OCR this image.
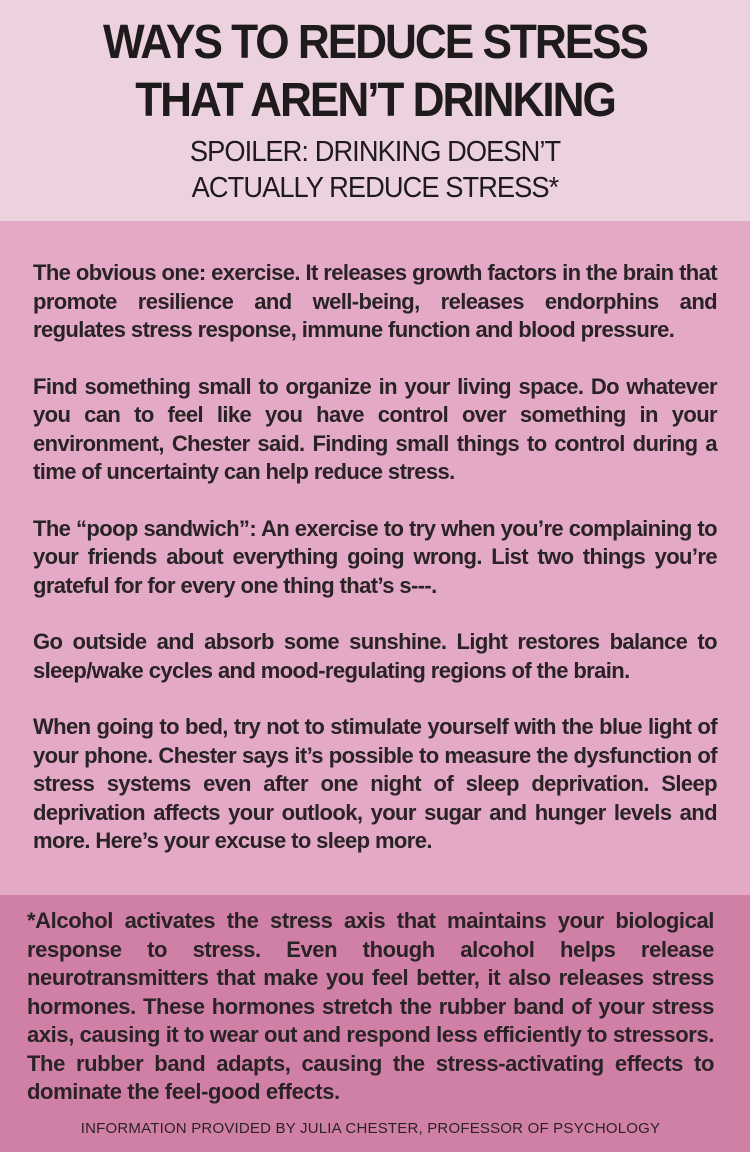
WAYS TO REDUCE STRESS
THAT AREN’T DRINKING

SPOILER: DRINKING DOESN’T
ACTUALLY REDUCE STRESS*

The obvious one: exercise. It releases growth factors in the brain that promote resilience and well-being, releases endorphins and regulates stress response, immune function and blood pressure.

Find something small to organize in your living space. Do whatever you can to feel like you have control over something in your environment, Chester said. Finding small things to control during a time of uncertainty can help reduce stress.

The “poop sandwich”: An exercise to try when you’re complaining to your friends about everything going wrong. List two things you’re grateful for for every one thing that’s s---.

Go outside and absorb some sunshine. Light restores balance to sleep/wake cycles and mood-regulating regions of the brain.

When going to bed, try not to stimulate yourself with the blue light of your phone. Chester says it’s possible to measure the dysfunction of stress systems even after one night of sleep deprivation. Sleep deprivation affects your outlook, your sugar and hunger levels and more. Here’s your excuse to sleep more.

*Alcohol activates the stress axis that maintains your biological response to stress. Even though alcohol helps release neurotransmitters that make you feel better, it also releases stress hormones. These hormones stretch the rubber band of your stress axis, causing it to wear out and respond less efficiently to stressors. The rubber band adapts, causing the stress-activating effects to dominate the feel-good effects.

INFORMATION PROVIDED BY JULIA CHESTER, PROFESSOR OF PSYCHOLOGY
